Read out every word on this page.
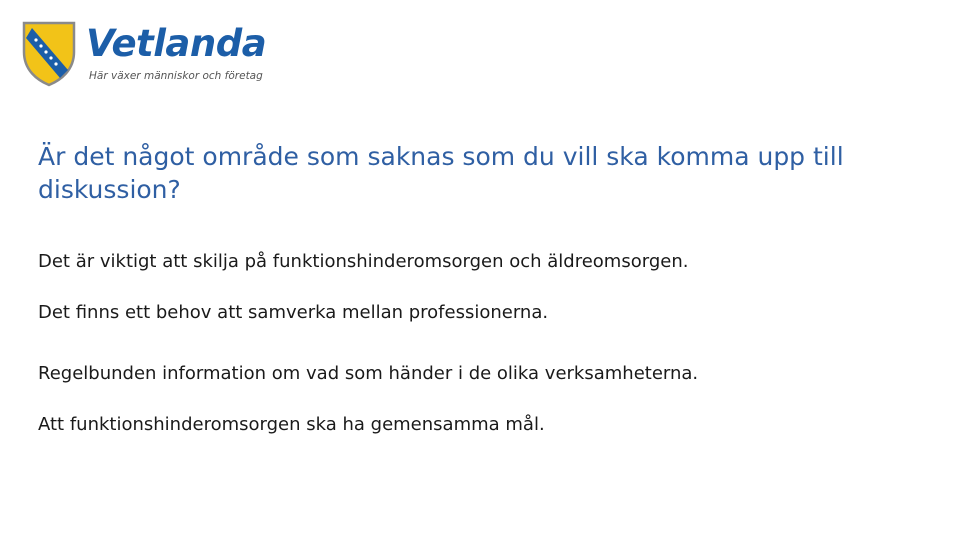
Vetlanda
Här växer människor och företag
Är det något område som saknas som du vill ska komma upp till diskussion?

Det är viktigt att skilja på funktionshinderomsorgen och äldreomsorgen.

Det finns ett behov att samverka mellan professionerna.

Regelbunden information om vad som händer i de olika verksamheterna.

Att funktionshinderomsorgen ska ha gemensamma mål.
